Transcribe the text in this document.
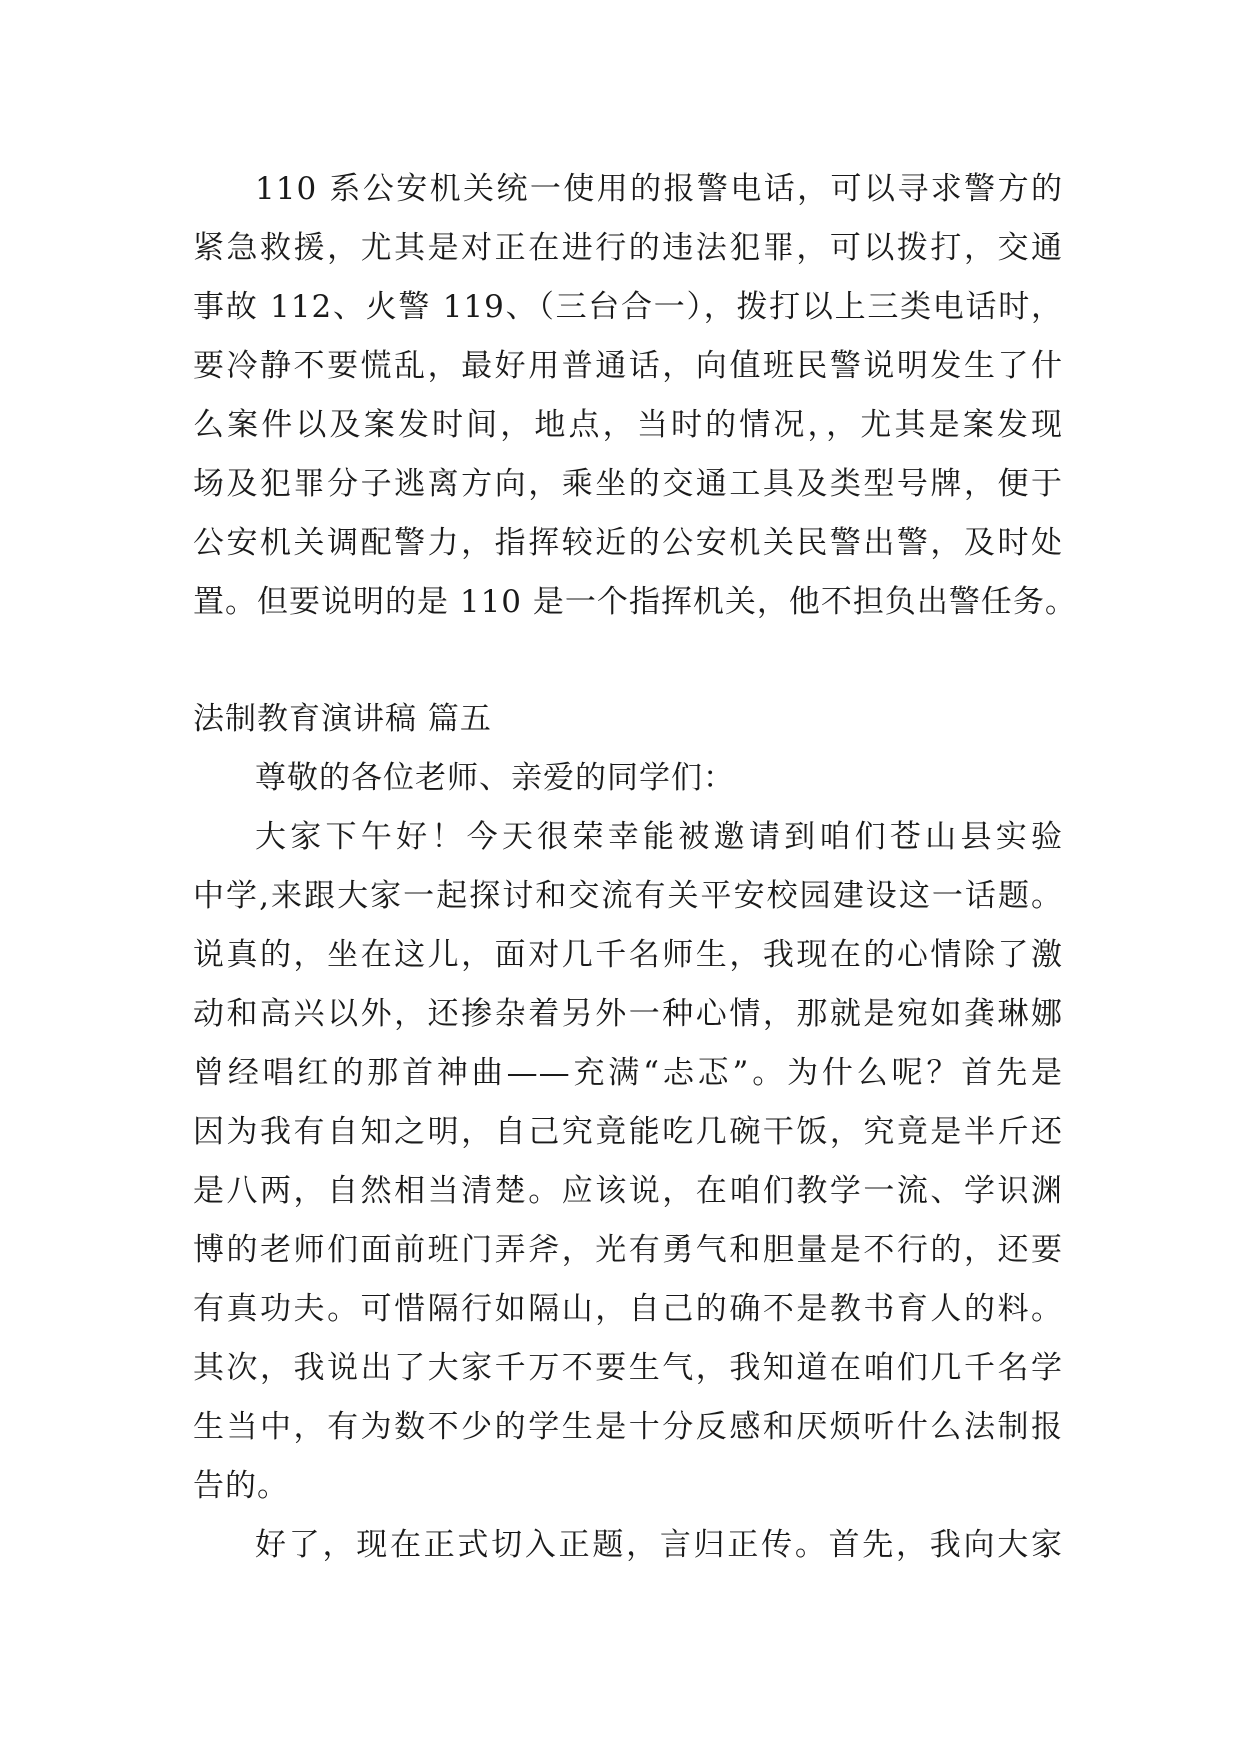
110 系公安机关统一使用的报警电话，可以寻求警方的
紧急救援，尤其是对正在进行的违法犯罪，可以拨打，交通
事故 112、火警 119、（三台合一），拨打以上三类电话时，
要冷静不要慌乱，最好用普通话，向值班民警说明发生了什
么案件以及案发时间，地点，当时的情况，，尤其是案发现
场及犯罪分子逃离方向，乘坐的交通工具及类型号牌，便于
公安机关调配警力，指挥较近的公安机关民警出警，及时处
置。但要说明的是 110 是一个指挥机关，他不担负出警任务。
法制教育演讲稿 篇五
尊敬的各位老师、亲爱的同学们：
大家下午好！今天很荣幸能被邀请到咱们苍山县实验
中学,来跟大家一起探讨和交流有关平安校园建设这一话题。
说真的，坐在这儿，面对几千名师生，我现在的心情除了激
动和高兴以外，还掺杂着另外一种心情，那就是宛如龚琳娜
曾经唱红的那首神曲——充满“忐忑”。为什么呢？首先是
因为我有自知之明，自己究竟能吃几碗干饭，究竟是半斤还
是八两，自然相当清楚。应该说，在咱们教学一流、学识渊
博的老师们面前班门弄斧，光有勇气和胆量是不行的，还要
有真功夫。可惜隔行如隔山，自己的确不是教书育人的料。
其次，我说出了大家千万不要生气，我知道在咱们几千名学
生当中，有为数不少的学生是十分反感和厌烦听什么法制报
告的。
好了，现在正式切入正题，言归正传。首先，我向大家
